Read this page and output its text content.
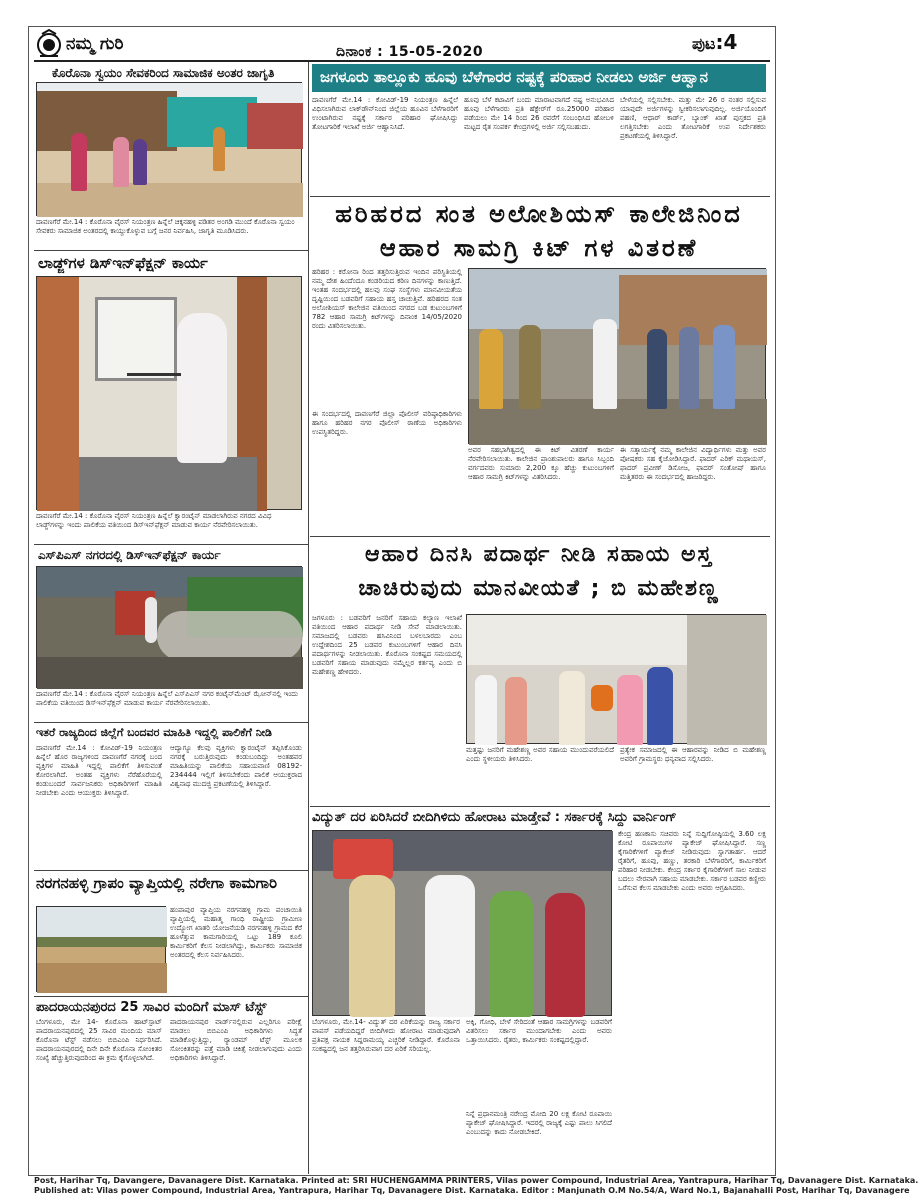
ನಮ್ಮ ಗುರಿ	ದಿನಾಂಕ : 15-05-2020	ಪುಟ:4
ಕೊರೊನಾ ಸ್ವಯಂ ಸೇವಕರಿಂದ ಸಾಮಾಜಿಕ ಅಂತರ ಜಾಗೃತಿ
ದಾವಣಗೆರೆ ಮೇ.14 : ಕೊರೊನಾ ವೈರಸ್ ನಿಯಂತ್ರಣ ಹಿನ್ನೆಲೆ ಚಿಕ್ಕನಹಳ್ಳಿ ಪಡಿತರ ಅಂಗಡಿ ಮುಂದೆ ಕೊರೊನಾ ಸ್ವಯಂ ಸೇವಕರು ಸಾಮಾಜಿಕ ಅಂತರದಲ್ಲಿ ಕಾಯ್ದುಕೊಳ್ಳುವ ಬಗ್ಗೆ ಜನರ ನಿರ್ವಹಿಸಿ, ಜಾಗೃತಿ ಮೂಡಿಸಿದರು.
ಲಾಡ್ಜ್‌ಗಳ ಡಿಸ್‌ಇನ್‌ಫೆಕ್ಷನ್ ಕಾರ್ಯ
ದಾವಣಗೆರೆ ಮೇ.14 : ಕೊರೊನಾ ವೈರಸ್ ನಿಯಂತ್ರಣ ಹಿನ್ನೆಲೆ ಕ್ವಾರಂಟೈನ್ ಮಾಡಲಾಗಿರುವ ನಗರದ ವಿವಿಧ ಲಾಡ್ಜ್‌ಗಳನ್ನು ಇಂದು ಪಾಲಿಕೆಯ ವತಿಯಿಂದ ಡಿಸ್‌ಇನ್‌ಫೆಕ್ಷನ್ ಮಾಡುವ ಕಾರ್ಯ ನೆರವೇರಿಸಲಾಯಿತು.
ಎಸ್‌ಪಿಎಸ್ ನಗರದಲ್ಲಿ ಡಿಸ್‌ಇನ್‌ಫೆಕ್ಷನ್ ಕಾರ್ಯ
ದಾವಣಗೆರೆ ಮೇ.14 : ಕೊರೊನಾ ವೈರಸ್ ನಿಯಂತ್ರಣ ಹಿನ್ನೆಲೆ ಎಸ್‌ಪಿಎಸ್ ನಗರ ಕಂಟೈನ್‌ಮೆಂಟ್ ಝೋನ್‌ನಲ್ಲಿ ಇಂದು ಪಾಲಿಕೆಯ ವತಿಯಿಂದ ಡಿಸ್‌ಇನ್‌ಫೆಕ್ಷನ್ ಮಾಡುವ ಕಾರ್ಯ ನೆರವೇರಿಸಲಾಯಿತು.
ಇತರೆ ರಾಜ್ಯದಿಂದ ಜಿಲ್ಲೆಗೆ ಬಂದವರ ಮಾಹಿತಿ ಇದ್ದಲ್ಲಿ ಪಾಲಿಕೆಗೆ ನೀಡಿ
ದಾವಣಗೆರೆ ಮೇ.14 : ಕೋವಿಡ್-19 ನಿಯಂತ್ರಣ ಹಿನ್ನೆಲೆ ಹೊರ ರಾಜ್ಯಗಳಿಂದ ದಾವಣಗೆರೆ ನಗರಕ್ಕೆ ಬಂದ ವ್ಯಕ್ತಿಗಳ ಮಾಹಿತಿ ಇದ್ದಲ್ಲಿ ಪಾಲಿಕೆಗೆ ತಿಳಿಸುವಂತೆ ಕೋರಲಾಗಿದೆ. ಅಂತಹ ವ್ಯಕ್ತಿಗಳು ನೆರೆಹೊರೆಯಲ್ಲಿ ಕಂಡುಬಂದರೆ ಸಾರ್ವಜನಿಕರು ಅಧಿಕಾರಿಗಳಿಗೆ ಮಾಹಿತಿ ನೀಡಬೇಕು ಎಂದು ಆಯುಕ್ತರು ತಿಳಿಸಿದ್ದಾರೆ.
ಆದ್ಯಾಗ್ಯೂ ಕೆಲವು ವ್ಯಕ್ತಿಗಳು ಕ್ವಾರಂಟೈನ್ ತಪ್ಪಿಸಿಕೊಂಡು ನಗರಕ್ಕೆ ಬರುತ್ತಿರುವುದು ಕಂಡುಬಂದಿದ್ದು ಅಂತಹವರ ಮಾಹಿತಿಯನ್ನು ಪಾಲಿಕೆಯ ಸಹಾಯವಾಣಿ 08192-234444 ಇಲ್ಲಿಗೆ ತಿಳಿಸಬೇಕೆಂದು ಪಾಲಿಕೆ ಆಯುಕ್ತರಾದ ವಿಶ್ವನಾಥ ಮುದಜ್ಜಿ ಪ್ರಕಟಣೆಯಲ್ಲಿ ತಿಳಿಸಿದ್ದಾರೆ.
ನರಗನಹಳ್ಳಿ ಗ್ರಾಪಂ ವ್ಯಾಪ್ತಿಯಲ್ಲಿ ನರೇಗಾ ಕಾಮಗಾರಿ
ಹಂಪಾಪುರ ವ್ಯಾಪ್ತಿಯ ನರಗನಹಳ್ಳಿ ಗ್ರಾಮ ಪಂಚಾಯಿತಿ ವ್ಯಾಪ್ತಿಯಲ್ಲಿ ಮಹಾತ್ಮ ಗಾಂಧಿ ರಾಷ್ಟ್ರೀಯ ಗ್ರಾಮೀಣ ಉದ್ಯೋಗ ಖಾತರಿ ಯೋಜನೆಯಡಿ ನರಗನಹಳ್ಳಿ ಗ್ರಾಮದ ಕೆರೆ ಹೂಳೆತ್ತುವ ಕಾಮಗಾರಿಯಲ್ಲಿ ಒಟ್ಟು 189 ಕೂಲಿ ಕಾರ್ಮಿಕರಿಗೆ ಕೆಲಸ ನೀಡಲಾಗಿದ್ದು, ಕಾರ್ಮಿಕರು ಸಾಮಾಜಿಕ ಅಂತರದಲ್ಲಿ ಕೆಲಸ ನಿರ್ವಹಿಸಿದರು.
ಪಾದರಾಯನಪುರದ 25 ಸಾವಿರ ಮಂದಿಗೆ ಮಾಸ್ ಟೆಸ್ಟ್
ಬೆಂಗಳೂರು, ಮೇ 14- ಕೊರೊನಾ ಹಾಟ್‌ಸ್ಪಾಟ್ ಪಾದರಾಯನಪುರದಲ್ಲಿ 25 ಸಾವಿರ ಮಂದಿಯ ಮಾಸ್ ಕೊರೊನಾ ಟೆಸ್ಟ್ ನಡೆಸಲು ಬಿಬಿಎಂಪಿ ನಿರ್ಧರಿಸಿದೆ. ಪಾದರಾಯನಪುರದಲ್ಲಿ ದಿನೇ ದಿನೇ ಕೊರೊನಾ ಸೋಂಕಿತರ ಸಂಖ್ಯೆ ಹೆಚ್ಚುತ್ತಿರುವುದರಿಂದ ಈ ಕ್ರಮ ಕೈಗೊಳ್ಳಲಾಗಿದೆ.
ಪಾದರಾಯನಪುರ ವಾರ್ಡ್‌ನಲ್ಲಿರುವ ಎಲ್ಲರಿಗೂ ಪರೀಕ್ಷೆ ಮಾಡಲು ಬಿಬಿಎಂಪಿ ಅಧಿಕಾರಿಗಳು ಸಿದ್ಧತೆ ಮಾಡಿಕೊಳ್ಳುತ್ತಿದ್ದು, ರ‍್ಯಾಂಡಮ್ ಟೆಸ್ಟ್ ಮೂಲಕ ಸೋಂಕಿತರನ್ನು ಪತ್ತೆ ಮಾಡಿ ಚಿಕಿತ್ಸೆ ನೀಡಲಾಗುವುದು ಎಂದು ಅಧಿಕಾರಿಗಳು ತಿಳಿಸಿದ್ದಾರೆ.
ಜಗಳೂರು ತಾಲ್ಲೂಕು ಹೂವು ಬೆಳೆಗಾರರ ನಷ್ಟಕ್ಕೆ ಪರಿಹಾರ ನೀಡಲು ಅರ್ಜಿ ಆಹ್ವಾನ
ದಾವಣಗೆರೆ ಮೇ.14 : ಕೋವಿಡ್-19 ನಿಯಂತ್ರಣ ಹಿನ್ನೆಲೆ ವಿಧಿಸಲಾಗಿರುವ ಲಾಕ್‌ಡೌನ್‌ನಿಂದ ಜಿಲ್ಲೆಯ ಹೂವಿನ ಬೆಳೆಗಾರರಿಗೆ ಉಂಟಾಗಿರುವ ನಷ್ಟಕ್ಕೆ ಸರ್ಕಾರ ಪರಿಹಾರ ಘೋಷಿಸಿದ್ದು ತೋಟಗಾರಿಕೆ ಇಲಾಖೆ ಅರ್ಜಿ ಆಹ್ವಾನಿಸಿದೆ.
ಹೂವು ಬೆಳೆ ಕಟಾವಿಗೆ ಬಂದು ಮಾರಾಟವಾಗದೆ ನಷ್ಟ ಅನುಭವಿಸಿದ ಹೂವು ಬೆಳೆಗಾರರು ಪ್ರತಿ ಹೆಕ್ಟೇರ್‌ಗೆ ರೂ.25000 ಪರಿಹಾರ ಪಡೆಯಲು ಮೇ 14 ರಿಂದ 26 ರವರೆಗೆ ಸಂಬಂಧಿಸಿದ ಹೋಬಳಿ ಮಟ್ಟದ ರೈತ ಸಂಪರ್ಕ ಕೇಂದ್ರಗಳಲ್ಲಿ ಅರ್ಜಿ ಸಲ್ಲಿಸಬಹುದು.
ಬೇಳೆಯಲ್ಲಿ ಸಲ್ಲಿಸಬೇಕು. ಮತ್ತು ಮೇ 26 ರ ನಂತರ ಸಲ್ಲಿಸುವ ಯಾವುದೇ ಅರ್ಜಿಗಳನ್ನು ಸ್ವೀಕರಿಸಲಾಗುವುದಿಲ್ಲ. ಅರ್ಜಿಯೊಂದಿಗೆ ಪಹಣಿ, ಆಧಾರ್ ಕಾರ್ಡ್, ಬ್ಯಾಂಕ್ ಖಾತೆ ಪುಸ್ತಕದ ಪ್ರತಿ ಲಗತ್ತಿಸಬೇಕು ಎಂದು ತೋಟಗಾರಿಕೆ ಉಪ ನಿರ್ದೇಶಕರು ಪ್ರಕಟಣೆಯಲ್ಲಿ ತಿಳಿಸಿದ್ದಾರೆ.
ಹರಿಹರದ ಸಂತ ಅಲೋಶಿಯಸ್ ಕಾಲೇಜಿನಿಂದ
ಆಹಾರ ಸಾಮಗ್ರಿ ಕಿಟ್ ಗಳ ವಿತರಣೆ
ಹರಿಹರ : ಕರೋನಾ ರಿಂದ ತತ್ತರಿಸುತ್ತಿರುವ ಇಂದಿನ ಪರಿಸ್ಥಿತಿಯಲ್ಲಿ ನಮ್ಮ ದೇಶ ಹಿಂದೆಂದೂ ಕಂಡರಿಯದ ಕಠಿಣ ದಿನಗಳನ್ನು ಕಾಣುತ್ತಿದೆ. ಇಂತಹ ಸಂದರ್ಭದಲ್ಲಿ ಹಲವು ಸಂಘ ಸಂಸ್ಥೆಗಳು ಮಾನವೀಯತೆಯ ದೃಷ್ಟಿಯಿಂದ ಬಡವರಿಗೆ ಸಹಾಯ ಹಸ್ತ ಚಾಚುತ್ತಿವೆ. ಹರಿಹರದ ಸಂತ ಅಲೋಶಿಯಸ್ ಕಾಲೇಜಿನ ವತಿಯಿಂದ ನಗರದ ಬಡ ಕುಟುಂಬಗಳಿಗೆ 782 ಆಹಾರ ಸಾಮಗ್ರಿ ಕಿಟ್‌ಗಳನ್ನು ದಿನಾಂಕ 14/05/2020 ರಂದು ವಿತರಿಸಲಾಯಿತು.
ಈ ಸಂದರ್ಭದಲ್ಲಿ ದಾವಣಗೆರೆ ಜಿಲ್ಲಾ ಪೊಲೀಸ್ ವರಿಷ್ಠಾಧಿಕಾರಿಗಳು ಹಾಗೂ ಹರಿಹರ ನಗರ ಪೊಲೀಸ್ ಠಾಣೆಯ ಅಧಿಕಾರಿಗಳು ಉಪಸ್ಥಿತರಿದ್ದರು.
ಅವರ ಸಹಭಾಗಿತ್ವದಲ್ಲಿ ಈ ಕಿಟ್ ವಿತರಣೆ ಕಾರ್ಯ ನೆರವೇರಿಸಲಾಯಿತು. ಕಾಲೇಜಿನ ಪ್ರಾಂಶುಪಾಲರು ಹಾಗೂ ಸಿಬ್ಬಂದಿ ವರ್ಗದವರು ಸುಮಾರು 2,200 ಕ್ಕೂ ಹೆಚ್ಚು ಕುಟುಂಬಗಳಿಗೆ ಆಹಾರ ಸಾಮಗ್ರಿ ಕಿಟ್‌ಗಳನ್ನು ವಿತರಿಸಿದರು.
ಈ ಸತ್ಕಾರ್ಯಕ್ಕೆ ನಮ್ಮ ಕಾಲೇಜಿನ ವಿದ್ಯಾರ್ಥಿಗಳು ಮತ್ತು ಅವರ ಪೋಷಕರು ಸಹ ಕೈಜೋಡಿಸಿದ್ದಾರೆ. ಫಾದರ್ ಎರಿಕ್ ಮಥಾಯಸ್, ಫಾದರ್ ಪ್ರವೀಣ್ ಡಿಸೋಜ, ಫಾದರ್ ಸಂತೋಷ್ ಹಾಗೂ ಮತ್ತಿತರರು ಈ ಸಂದರ್ಭದಲ್ಲಿ ಹಾಜರಿದ್ದರು.
ಆಹಾರ ದಿನಸಿ ಪದಾರ್ಥ ನೀಡಿ ಸಹಾಯ ಅಸ್ತ
ಚಾಚಿರುವುದು ಮಾನವೀಯತೆ ; ಬಿ ಮಹೇಶಣ್ಣ
ಜಗಳೂರು : ಬಡವರಿಗೆ ಜನರಿಗೆ ಸಹಾಯ ಕಲ್ಯಾಣ ಇಲಾಖೆ ವತಿಯಿಂದ ಆಹಾರ ಪದಾರ್ಥ ನೀಡಿ ಸೇವೆ ಮಾಡಲಾಯಿತು. ಸಮಾಜದಲ್ಲಿ ಬಡವರು ಹಸಿವಿನಿಂದ ಬಳಲಬಾರದು ಎಂಬ ಉದ್ದೇಶದಿಂದ 25 ಬಡವರ ಕುಟುಂಬಗಳಿಗೆ ಆಹಾರ ದಿನಸಿ ಪದಾರ್ಥಗಳನ್ನು ನೀಡಲಾಯಿತು. ಕೊರೊನಾ ಸಂಕಷ್ಟದ ಸಮಯದಲ್ಲಿ ಬಡವರಿಗೆ ಸಹಾಯ ಮಾಡುವುದು ನಮ್ಮೆಲ್ಲರ ಕರ್ತವ್ಯ ಎಂದು ಬಿ ಮಹೇಶಣ್ಣ ಹೇಳಿದರು.
ಮತ್ತಷ್ಟು ಜನರಿಗೆ ಮಹೇಶಣ್ಣ ಅವರ ಸಹಾಯ ಮುಂದುವರೆಯಲಿದೆ ಎಂದು ಸ್ಥಳೀಯರು ತಿಳಿಸಿದರು.
ಪ್ರತ್ಯೇಕ ಸಮಾಜದಲ್ಲಿ ಈ ಆಹಾರವನ್ನು ನೀಡಿದ ಬಿ ಮಹೇಶಣ್ಣ ಅವರಿಗೆ ಗ್ರಾಮಸ್ಥರು ಧನ್ಯವಾದ ಸಲ್ಲಿಸಿದರು.
ವಿದ್ಯುತ್ ದರ ಏರಿಸಿದರೆ ಬೀದಿಗಿಳಿದು ಹೋರಾಟ ಮಾಡ್ತೇವೆ : ಸರ್ಕಾರಕ್ಕೆ ಸಿದ್ದು ವಾರ್ನಿಂಗ್
ಬೆಂಗಳೂರು, ಮೇ.14- ವಿದ್ಯುತ್ ದರ ಏರಿಕೆಯನ್ನು ರಾಜ್ಯ ಸರ್ಕಾರ ವಾಪಸ್ ಪಡೆಯದಿದ್ದರೆ ಬೀದಿಗಿಳಿದು ಹೋರಾಟ ಮಾಡುವುದಾಗಿ ಪ್ರತಿಪಕ್ಷ ನಾಯಕ ಸಿದ್ದರಾಮಯ್ಯ ಎಚ್ಚರಿಕೆ ನೀಡಿದ್ದಾರೆ. ಕೊರೊನಾ ಸಂಕಷ್ಟದಲ್ಲಿ ಜನ ತತ್ತರಿಸಿರುವಾಗ ದರ ಏರಿಕೆ ಸರಿಯಲ್ಲ.
ಅಕ್ಕಿ, ಗೋಧಿ, ಬೇಳೆ ಸೇರಿದಂತೆ ಆಹಾರ ಸಾಮಗ್ರಿಗಳನ್ನು ಬಡವರಿಗೆ ವಿತರಿಸಲು ಸರ್ಕಾರ ಮುಂದಾಗಬೇಕು ಎಂದು ಅವರು ಒತ್ತಾಯಿಸಿದರು. ರೈತರು, ಕಾರ್ಮಿಕರು ಸಂಕಷ್ಟದಲ್ಲಿದ್ದಾರೆ.
ನಿನ್ನೆ ಪ್ರಧಾನಮಂತ್ರಿ ನರೇಂದ್ರ ಮೋದಿ 20 ಲಕ್ಷ ಕೋಟಿ ರೂಪಾಯಿ ಪ್ಯಾಕೇಜ್ ಘೋಷಿಸಿದ್ದಾರೆ. ಇದರಲ್ಲಿ ರಾಜ್ಯಕ್ಕೆ ಎಷ್ಟು ಪಾಲು ಸಿಗಲಿದೆ ಎಂಬುದನ್ನು ಕಾದು ನೋಡಬೇಕಿದೆ.
ಕೇಂದ್ರ ಹಣಕಾಸು ಸಚಿವರು ನಿನ್ನೆ ಸುದ್ದಿಗೋಷ್ಠಿಯಲ್ಲಿ 3.60 ಲಕ್ಷ ಕೋಟಿ ರೂಪಾಯಿಗಳ ಪ್ಯಾಕೇಜ್ ಘೋಷಿಸಿದ್ದಾರೆ. ಸಣ್ಣ ಕೈಗಾರಿಕೆಗಳಿಗೆ ಪ್ಯಾಕೇಜ್ ನೀಡಿರುವುದು ಸ್ವಾಗತಾರ್ಹ. ಆದರೆ ರೈತರಿಗೆ, ಹೂವು, ಹಣ್ಣು, ತರಕಾರಿ ಬೆಳೆಗಾರರಿಗೆ, ಕಾರ್ಮಿಕರಿಗೆ ಪರಿಹಾರ ನೀಡಬೇಕು. ಕೇಂದ್ರ ಸರ್ಕಾರ ಕೈಗಾರಿಕೆಗಳಿಗೆ ಸಾಲ ನೀಡುವ ಬದಲು ನೇರವಾಗಿ ಸಹಾಯ ಮಾಡಬೇಕು. ಸರ್ಕಾರ ಬಡವರ ಕಣ್ಣೀರು ಒರೆಸುವ ಕೆಲಸ ಮಾಡಬೇಕು ಎಂದು ಅವರು ಆಗ್ರಹಿಸಿದರು.
Post, Harihar Tq, Davangere, Davanagere Dist. Karnataka. Printed at: SRI HUCHENGAMMA PRINTERS, Vilas power Compound, Industrial Area, Yantrapura, Harihar Tq, Davanagere Dist. Karnataka.
Published at: Vilas power Compound, Industrial Area, Yantrapura, Harihar Tq, Davanagere Dist. Karnataka. Editor : Manjunath O.M No.54/A, Ward No.1, Bajanahalli Post, Harihar Tq, Davanagere
